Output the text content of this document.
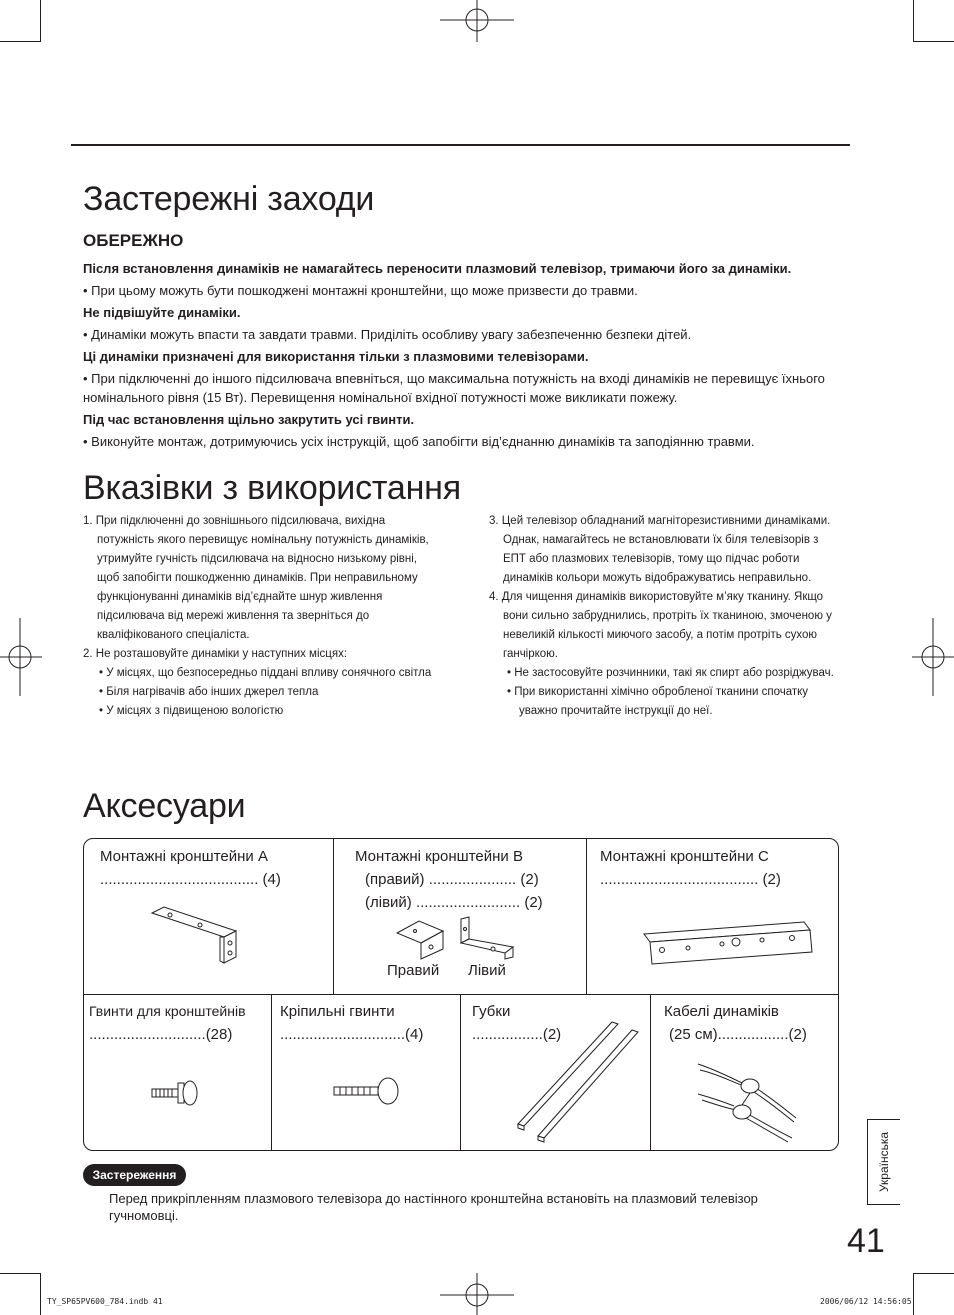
Застережні заходи
ОБЕРЕЖНО

Після встановлення динаміків не намагайтесь переносити плазмовий телевізор, тримаючи його за динаміки.

• При цьому можуть бути пошкоджені монтажні кронштейни, що може призвести до травми.

Не підвішуйте динаміки.

• Динаміки можуть впасти та завдати травми. Приділіть особливу увагу забезпеченню безпеки дітей.

Ці динаміки призначені для використання тільки з плазмовими телевізорами.

• При підключенні до іншого підсилювача впевніться, що максимальна потужність на вході динаміків не перевищує їхнього номінального рівня (15 Вт). Перевищення номінальної вхідної потужності може викликати пожежу.

Під час встановлення щільно закрутить усі гвинти.

• Виконуйте монтаж, дотримуючись усіх інструкцій, щоб запобігти від’єднанню динаміків та заподіянню травми.

Вказівки з використання
1. При підключенні до зовнішнього підсилювача, вихідна потужність якого перевищує номінальну потужність динаміків, утримуйте гучність підсилювача на відносно низькому рівні, щоб запобігти пошкодженню динаміків. При неправильному функціонуванні динаміків від’єднайте шнур живлення підсилювача від мережі живлення та зверніться до кваліфікованого спеціаліста.
2. Не розташовуйте динаміки у наступних місцях:
• У місцях, що безпосередньо піддані впливу сонячного світла
• Біля нагрівачів або інших джерел тепла
• У місцях з підвищеною вологістю
3. Цей телевізор обладнаний магніторезистивними динаміками. Однак, намагайтесь не встановлювати їх біля телевізорів з ЕПТ або плазмових телевізорів, тому що підчас роботи динаміків кольори можуть відображуватись неправильно.
4. Для чищення динаміків використовуйте м’яку тканину. Якщо вони сильно забруднились, протріть їх тканиною, змоченою у невеликій кількості миючого засобу, а потім протріть сухою ганчіркою.
• Не застосовуйте розчинники, такі як спирт або розріджувач.
• При використанні хімічно обробленої тканини спочатку уважно прочитайте інструкції до неї.
Аксесуари
Монтажні кронштейни A
...................................... (4)
Монтажні кронштейни B
(правий) ..................... (2)
(лівий) ......................... (2)
Правий Лівий
Монтажні кронштейни C
...................................... (2)
Гвинти для кронштейнів
............................(28)
Кріпильні гвинти
..............................(4)
Губки
.................(2)
Кабелі динаміків
(25 см).................(2)
Застереження
Перед прикріпленням плазмового телевізора до настінного кронштейна встановіть на плазмовий телевізор гучномовці.
Українська
41
TY_SP65PV600_784.indb 41	2006/06/12 14:56:05
